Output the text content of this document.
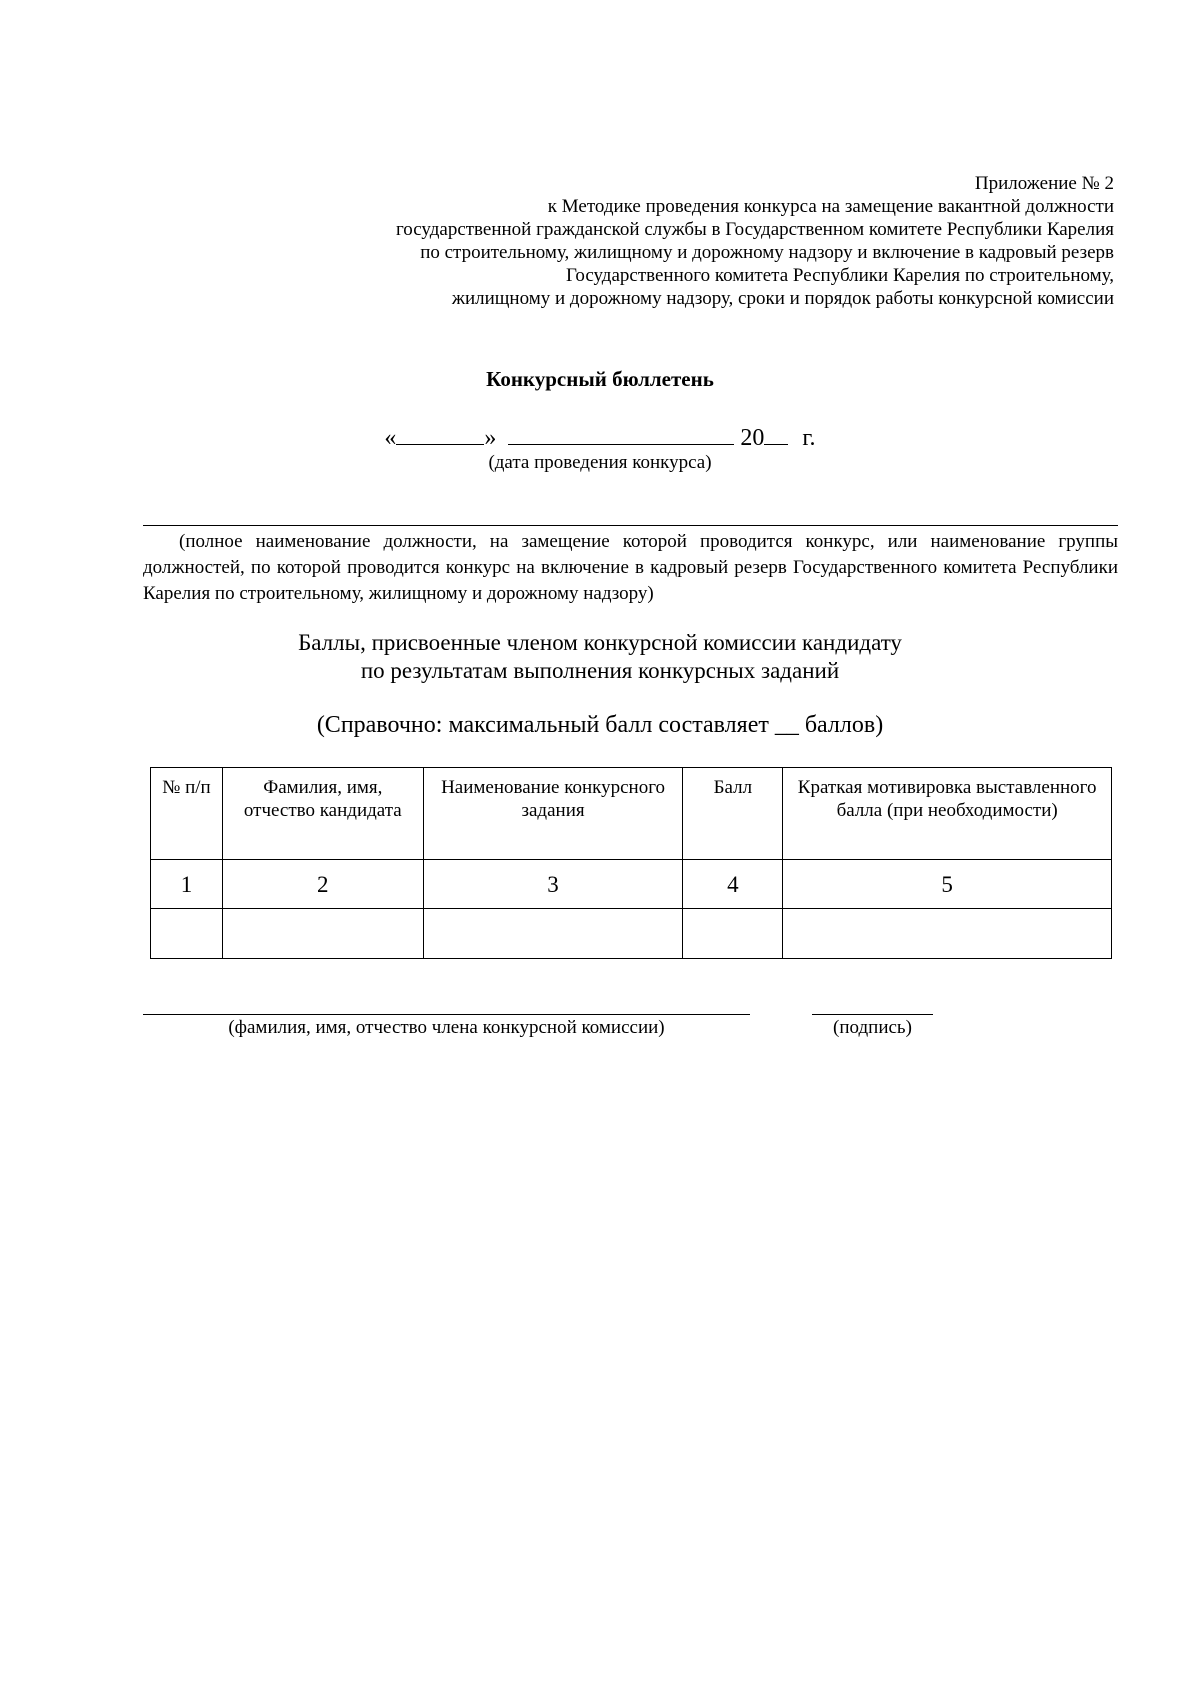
Приложение № 2
к Методике проведения конкурса на замещение вакантной должности
государственной гражданской службы в Государственном комитете Республики Карелия
по строительному, жилищному и дорожному надзору и включение в кадровый резерв
Государственного комитета Республики Карелия по строительному,
жилищному и дорожному надзору, сроки и порядок работы конкурсной комиссии
Конкурсный бюллетень
«	»	20 г.
(дата проведения конкурса)
(полное наименование должности, на замещение которой проводится конкурс, или наименование группы должностей, по которой проводится конкурс на включение в кадровый резерв Государственного комитета Республики Карелия по строительному, жилищному и дорожному надзору)
Баллы, присвоенные членом конкурсной комиссии кандидату
по результатам выполнения конкурсных заданий
(Справочно: максимальный балл составляет __ баллов)
№ п/п	Фамилия, имя, отчество кандидата	Наименование конкурсного задания	Балл	Краткая мотивировка выставленного балла (при необходимости)
1	2	3	4	5

(фамилия, имя, отчество члена конкурсной комиссии)	(подпись)
